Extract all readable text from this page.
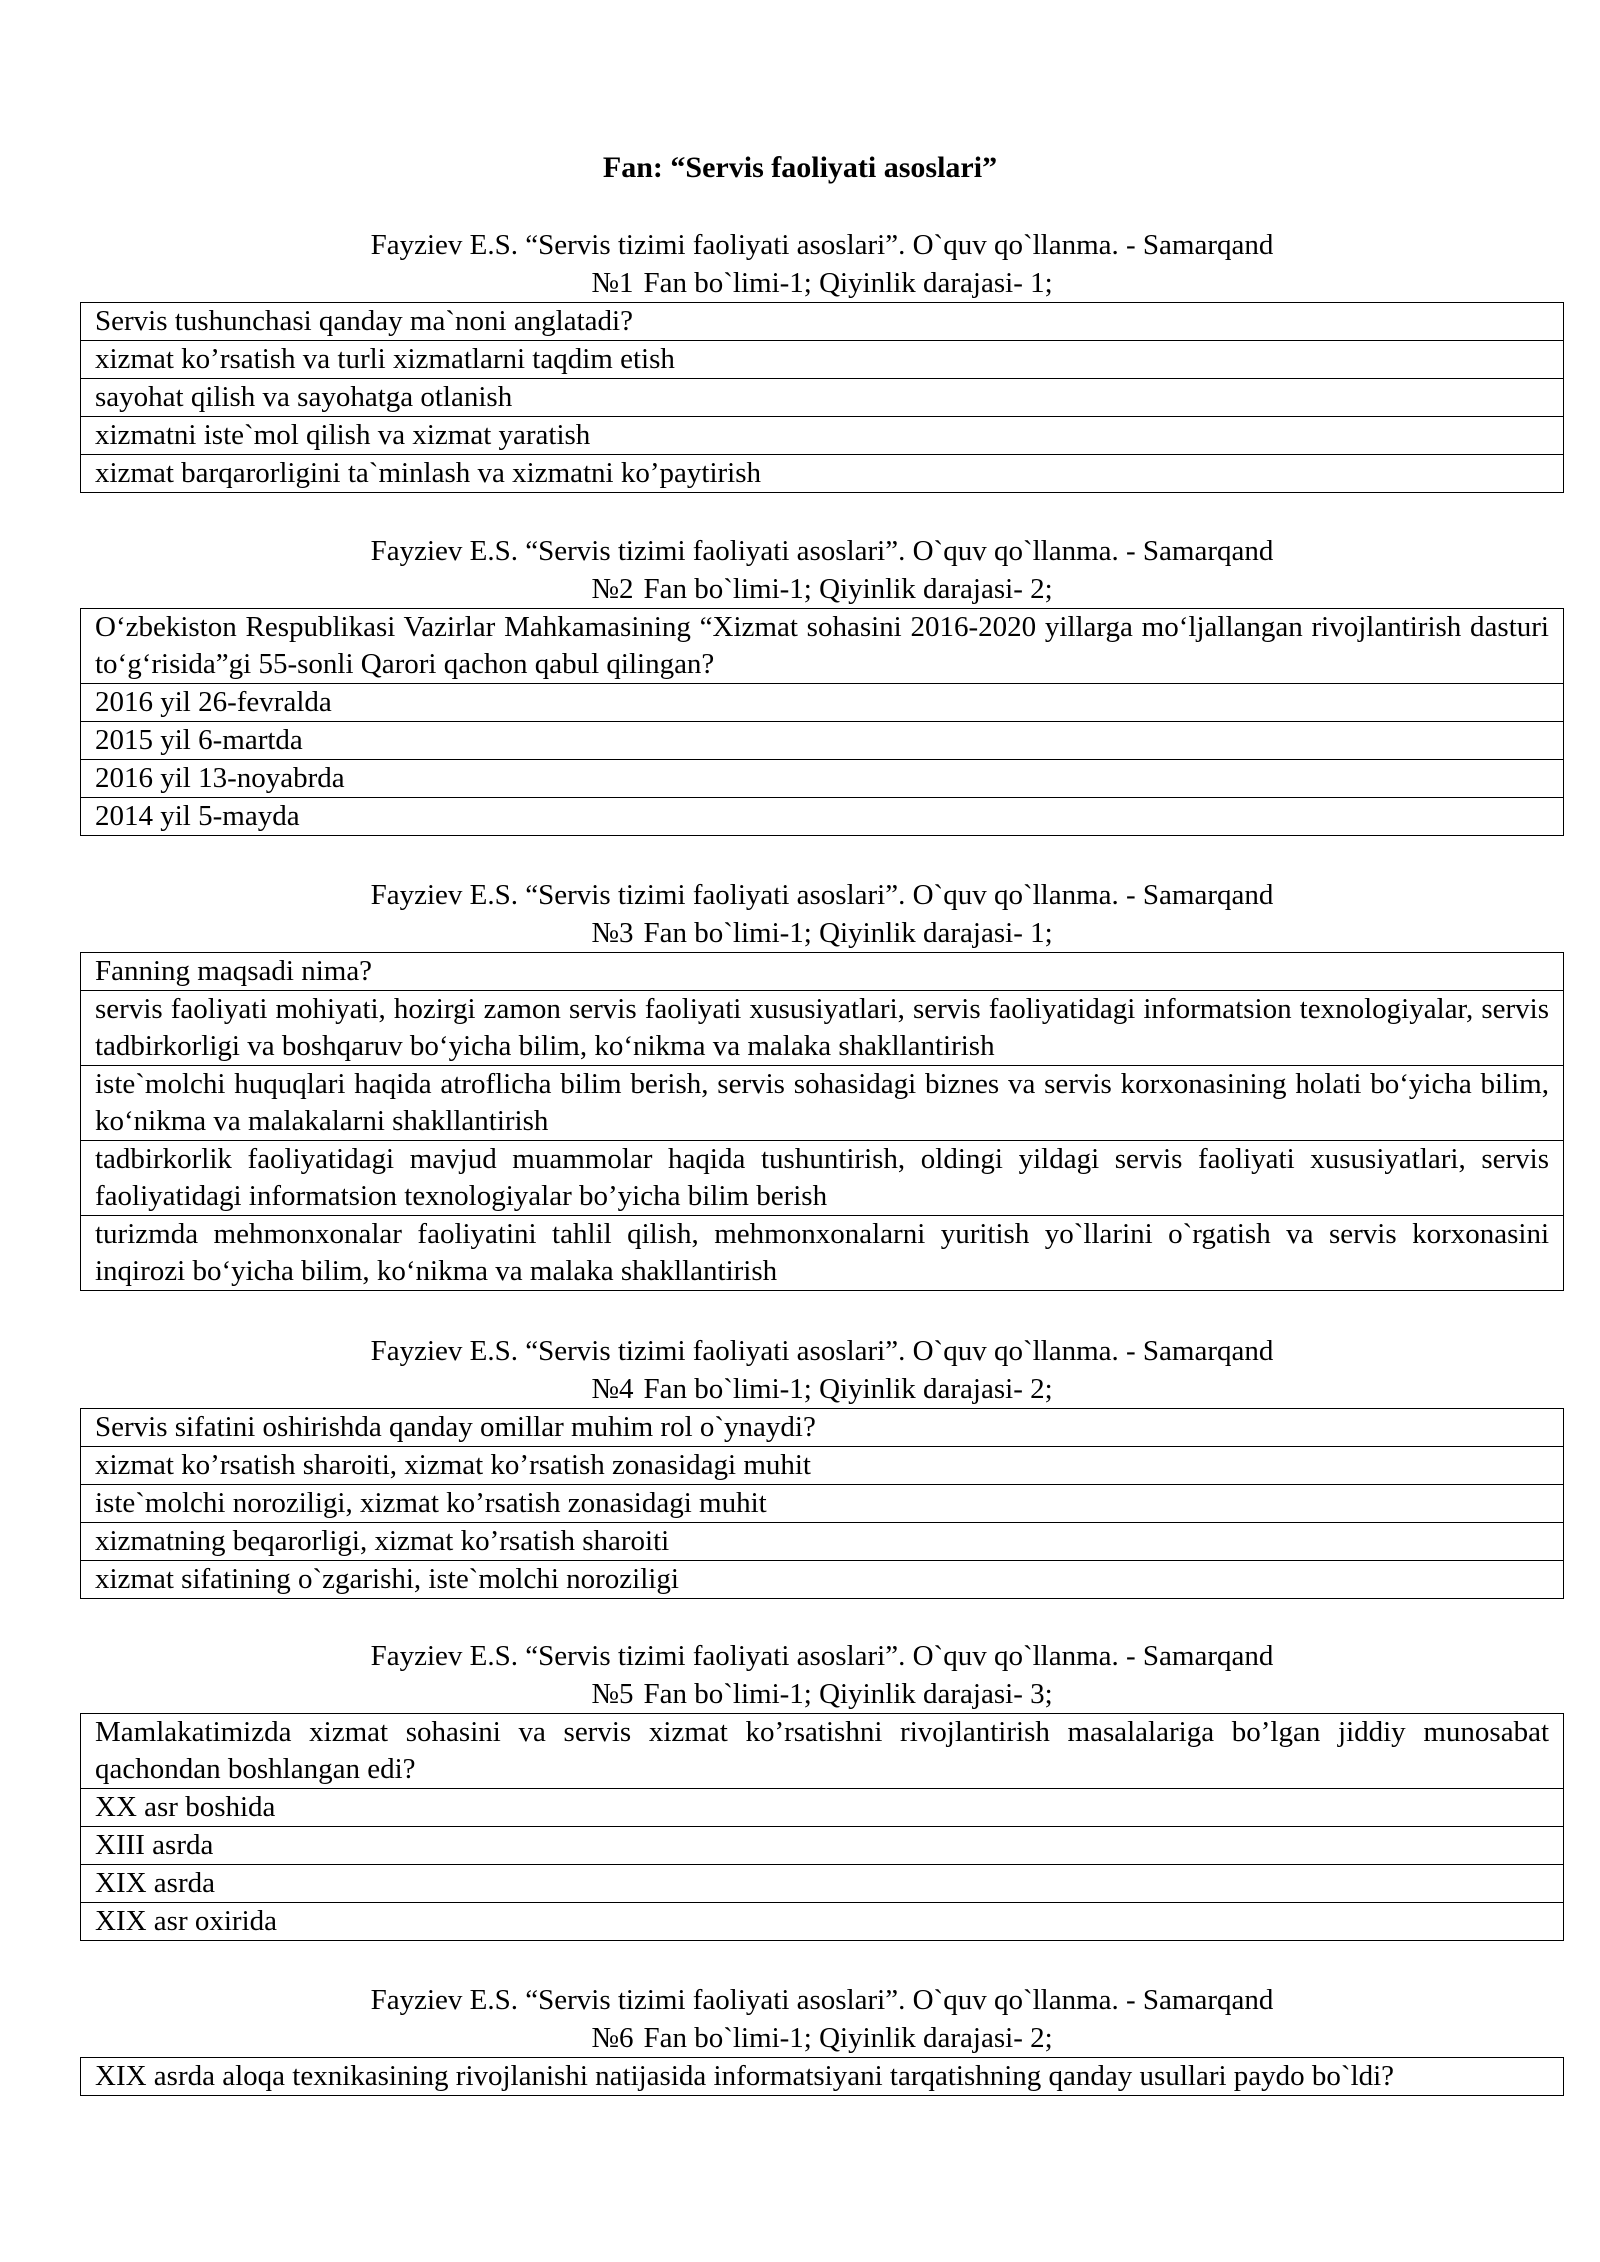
Fan: “Servis faoliyati asoslari”
Fayziev E.S. “Servis tizimi faoliyati asoslari”. O`quv qo`llanma. - Samarqand
№1 Fan bo`limi-1; Qiyinlik darajasi- 1;
Servis tushunchasi qanday ma`noni anglatadi?
xizmat ko’rsatish va turli xizmatlarni taqdim etish
sayohat qilish va sayohatga otlanish
xizmatni iste`mol qilish va xizmat yaratish
xizmat barqarorligini ta`minlash va xizmatni ko’paytirish
Fayziev E.S. “Servis tizimi faoliyati asoslari”. O`quv qo`llanma. - Samarqand
№2 Fan bo`limi-1; Qiyinlik darajasi- 2;
O‘zbekiston Respublikasi Vazirlar Mahkamasining “Xizmat sohasini 2016-2020 yillarga mo‘ljallangan rivojlantirish dasturi to‘g‘risida”gi 55-sonli Qarori qachon qabul qilingan?
2016 yil 26-fevralda
2015 yil 6-martda
2016 yil 13-noyabrda
2014 yil 5-mayda
Fayziev E.S. “Servis tizimi faoliyati asoslari”. O`quv qo`llanma. - Samarqand
№3 Fan bo`limi-1; Qiyinlik darajasi- 1;
Fanning maqsadi nima?
servis faoliyati mohiyati, hozirgi zamon servis faoliyati xususiyatlari, servis faoliyatidagi informatsion texnologiyalar, servis tadbirkorligi va boshqaruv bo‘yicha bilim, ko‘nikma va malaka shakllantirish
iste`molchi huquqlari haqida atroflicha bilim berish, servis sohasidagi biznes va servis korxonasining holati bo‘yicha bilim, ko‘nikma va malakalarni shakllantirish
tadbirkorlik faoliyatidagi mavjud muammolar haqida tushuntirish, oldingi yildagi servis faoliyati xususiyatlari, servis faoliyatidagi informatsion texnologiyalar bo’yicha bilim berish
turizmda mehmonxonalar faoliyatini tahlil qilish, mehmonxonalarni yuritish yo`llarini o`rgatish va servis korxonasini inqirozi bo‘yicha bilim, ko‘nikma va malaka shakllantirish
Fayziev E.S. “Servis tizimi faoliyati asoslari”. O`quv qo`llanma. - Samarqand
№4 Fan bo`limi-1; Qiyinlik darajasi- 2;
Servis sifatini oshirishda qanday omillar muhim rol o`ynaydi?
xizmat ko’rsatish sharoiti, xizmat ko’rsatish zonasidagi muhit
iste`molchi noroziligi, xizmat ko’rsatish zonasidagi muhit
xizmatning beqarorligi, xizmat ko’rsatish sharoiti
xizmat sifatining o`zgarishi, iste`molchi noroziligi
Fayziev E.S. “Servis tizimi faoliyati asoslari”. O`quv qo`llanma. - Samarqand
№5 Fan bo`limi-1; Qiyinlik darajasi- 3;
Mamlakatimizda xizmat sohasini va servis xizmat ko’rsatishni rivojlantirish masalalariga bo’lgan jiddiy munosabat qachondan boshlangan edi?
XX asr boshida
XIII asrda
XIX asrda
XIX asr oxirida
Fayziev E.S. “Servis tizimi faoliyati asoslari”. O`quv qo`llanma. - Samarqand
№6 Fan bo`limi-1; Qiyinlik darajasi- 2;
XIX asrda aloqa texnikasining rivojlanishi natijasida informatsiyani tarqatishning qanday usullari paydo bo`ldi?
